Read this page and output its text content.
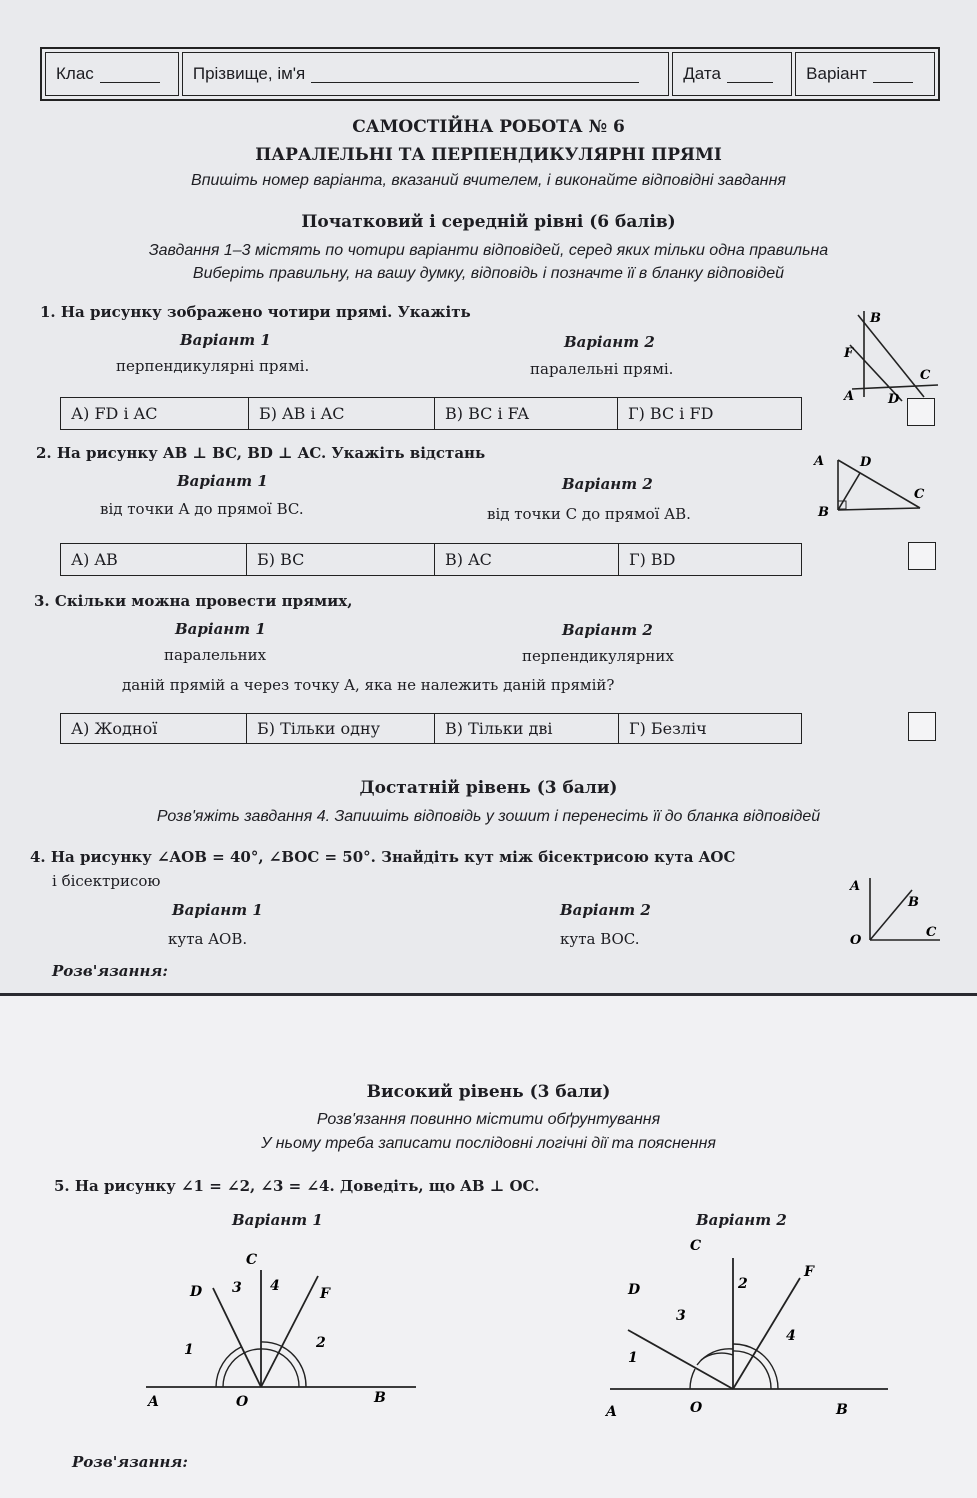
Клас	Прізвище, ім'я	Дата	Варіант
САМОСТІЙНА РОБОТА № 6
ПАРАЛЕЛЬНІ ТА ПЕРПЕНДИКУЛЯРНІ ПРЯМІ
Впишіть номер варіанта, вказаний вчителем, і виконайте відповідні завдання
Початковий і середній рівні (6 балів)
Завдання 1–3 містять по чотири варіанти відповідей, серед яких тільки одна правильна
Виберіть правильну, на вашу думку, відповідь і позначте її в бланку відповідей
1. На рисунку зображено чотири прямі. Укажіть
Варіант 1
перпендикулярні прямі.
Варіант 2
паралельні прямі.
А) FD і AC	Б) AB і AC	В) BC і FA	Г) BC і FD
B
F
C
A	D
2. На рисунку AB ⊥ BC, BD ⊥ AC. Укажіть відстань
Варіант 1
від точки A до прямої BC.
Варіант 2
від точки C до прямої AB.
А) AB	Б) BC	В) AC	Г) BD
A	D
C
B
3. Скільки можна провести прямих,
Варіант 1
паралельних
Варіант 2
перпендикулярних
даній прямій a через точку A, яка не належить даній прямій?
А) Жодної	Б) Тільки одну	В) Тільки дві	Г) Безліч
Достатній рівень (3 бали)
Розв'яжіть завдання 4. Запишіть відповідь у зошит і перенесіть її до бланка відповідей
4. На рисунку ∠AOB = 40°, ∠BOC = 50°. Знайдіть кут між бісектрисою кута AOC
і бісектрисою
Варіант 1
кута AOB.
Варіант 2
кута BOC.
Розв'язання:
A
B
O
C
Високий рівень (3 бали)
Розв'язання повинно містити обґрунтування
У ньому треба записати послідовні логічні дії та пояснення
5. На рисунку ∠1 = ∠2, ∠3 = ∠4. Доведіть, що AB ⊥ OC.
Варіант 1	Варіант 2
C
D 3 4	F
1	2
A	O	B
C
F
D	2
3
4
1
A	O	B
Розв'язання:
